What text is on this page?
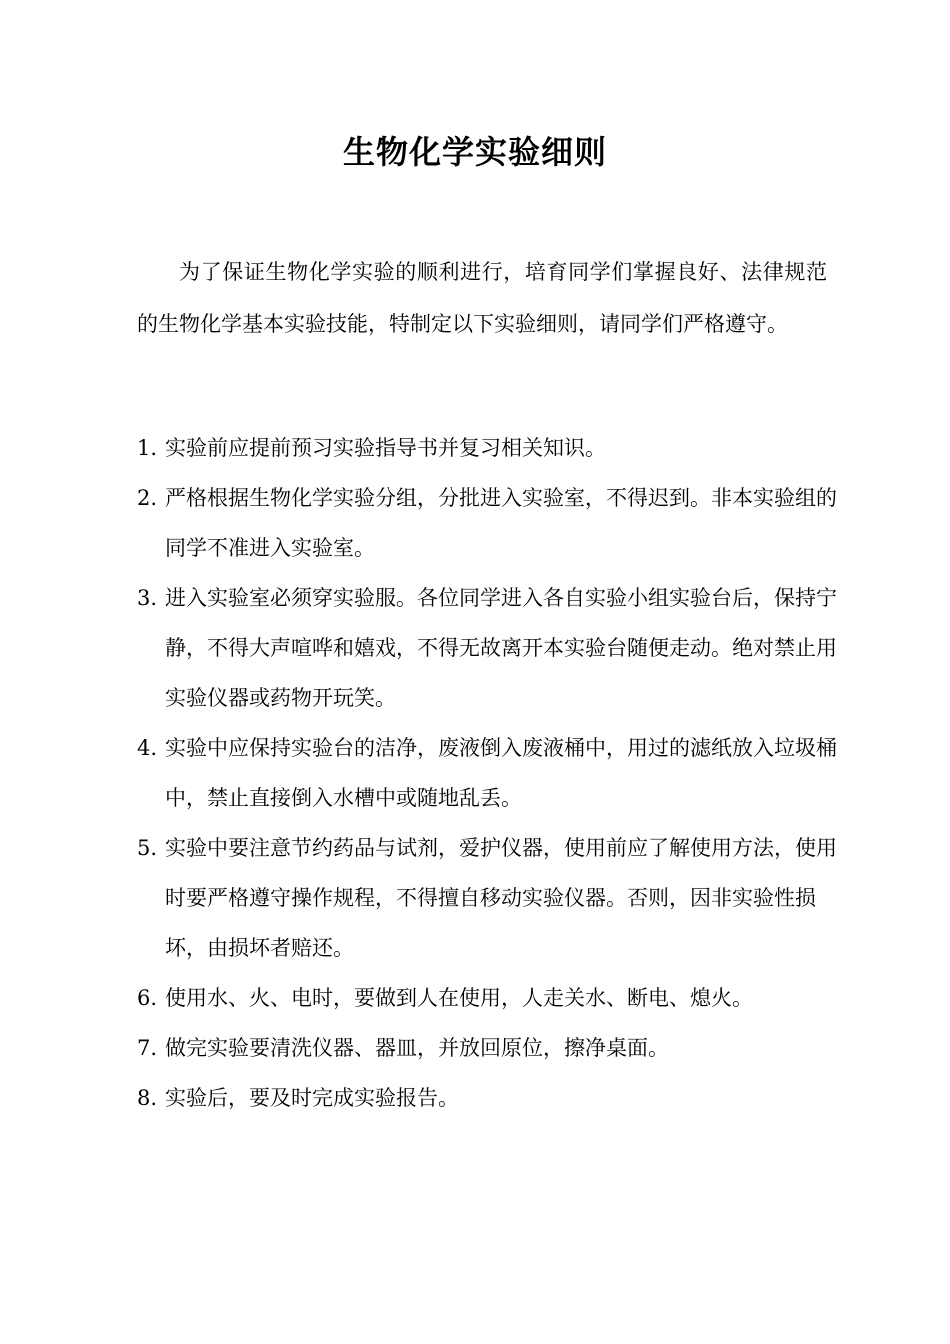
生物化学实验细则

为了保证生物化学实验的顺利进行，培育同学们掌握良好、法律规范的生物化学基本实验技能，特制定以下实验细则，请同学们严格遵守。

1. 实验前应提前预习实验指导书并复习相关知识。
2. 严格根据生物化学实验分组，分批进入实验室，不得迟到。非本实验组的同学不准进入实验室。
3. 进入实验室必须穿实验服。各位同学进入各自实验小组实验台后，保持宁静，不得大声喧哗和嬉戏，不得无故离开本实验台随便走动。绝对禁止用实验仪器或药物开玩笑。
4. 实验中应保持实验台的洁净，废液倒入废液桶中，用过的滤纸放入垃圾桶中，禁止直接倒入水槽中或随地乱丢。
5. 实验中要注意节约药品与试剂，爱护仪器，使用前应了解使用方法，使用时要严格遵守操作规程，不得擅自移动实验仪器。否则，因非实验性损坏，由损坏者赔还。
6. 使用水、火、电时，要做到人在使用，人走关水、断电、熄火。
7. 做完实验要清洗仪器、器皿，并放回原位，擦净桌面。
8. 实验后，要及时完成实验报告。
